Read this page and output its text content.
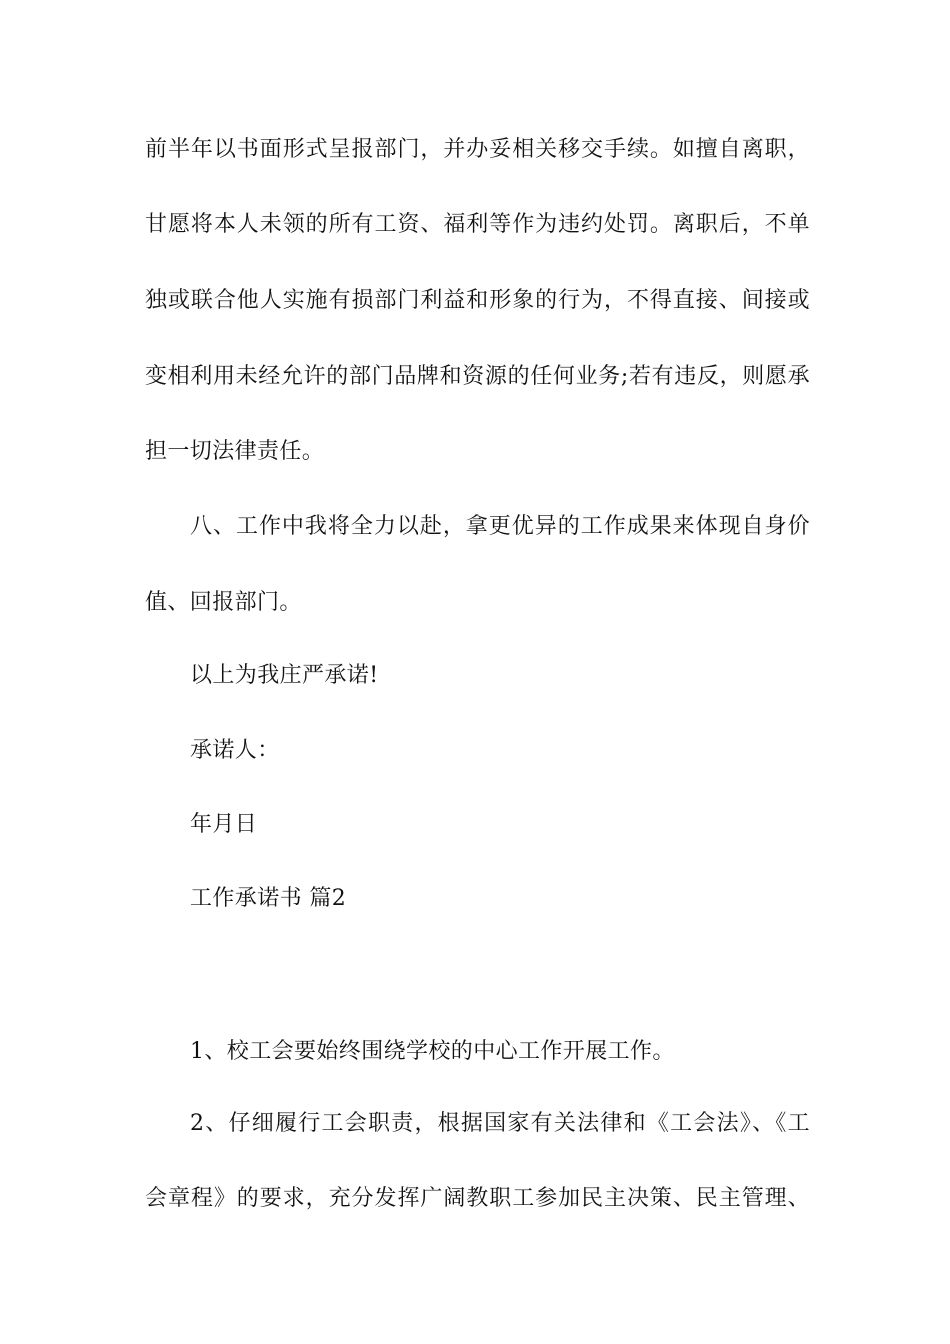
前半年以书面形式呈报部门，并办妥相关移交手续。如擅自离职，
甘愿将本人未领的所有工资、福利等作为违约处罚。离职后，不单
独或联合他人实施有损部门利益和形象的行为，不得直接、间接或
变相利用未经允许的部门品牌和资源的任何业务;若有违反，则愿承
担一切法律责任。
八、工作中我将全力以赴，拿更优异的工作成果来体现自身价
值、回报部门。
以上为我庄严承诺!
承诺人：
年月日
工作承诺书 篇2
1、校工会要始终围绕学校的中心工作开展工作。
2、仔细履行工会职责，根据国家有关法律和《工会法》、《工
会章程》的要求，充分发挥广阔教职工参加民主决策、民主管理、
